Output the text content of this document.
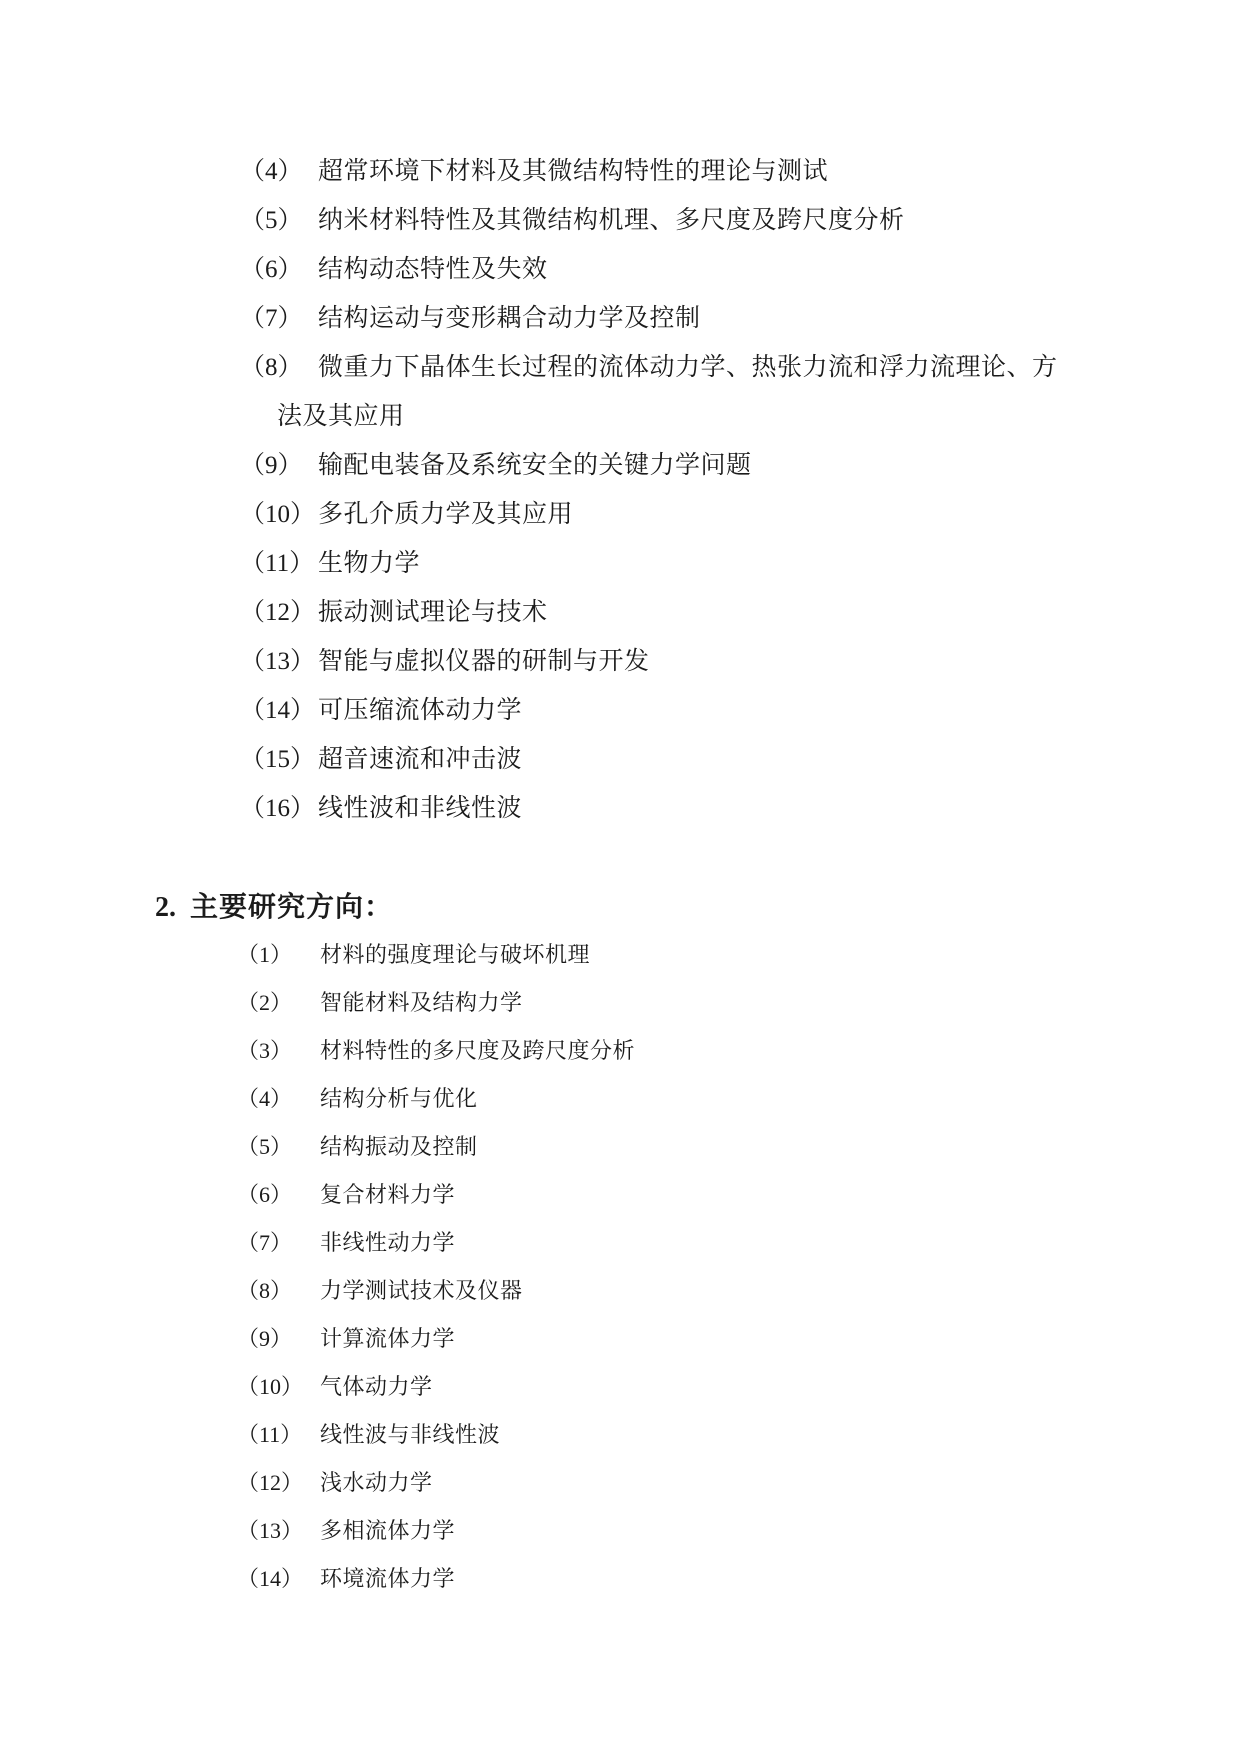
（4） 超常环境下材料及其微结构特性的理论与测试
（5） 纳米材料特性及其微结构机理、多尺度及跨尺度分析
（6） 结构动态特性及失效
（7） 结构运动与变形耦合动力学及控制
（8） 微重力下晶体生长过程的流体动力学、热张力流和浮力流理论、方
法及其应用
（9） 输配电装备及系统安全的关键力学问题
（10） 多孔介质力学及其应用
（11） 生物力学
（12） 振动测试理论与技术
（13） 智能与虚拟仪器的研制与开发
（14） 可压缩流体动力学
（15） 超音速流和冲击波
（16） 线性波和非线性波
2. 主要研究方向：
（1） 材料的强度理论与破坏机理
（2） 智能材料及结构力学
（3） 材料特性的多尺度及跨尺度分析
（4） 结构分析与优化
（5） 结构振动及控制
（6） 复合材料力学
（7） 非线性动力学
（8） 力学测试技术及仪器
（9） 计算流体力学
（10） 气体动力学
（11） 线性波与非线性波
（12） 浅水动力学
（13） 多相流体力学
（14） 环境流体力学
